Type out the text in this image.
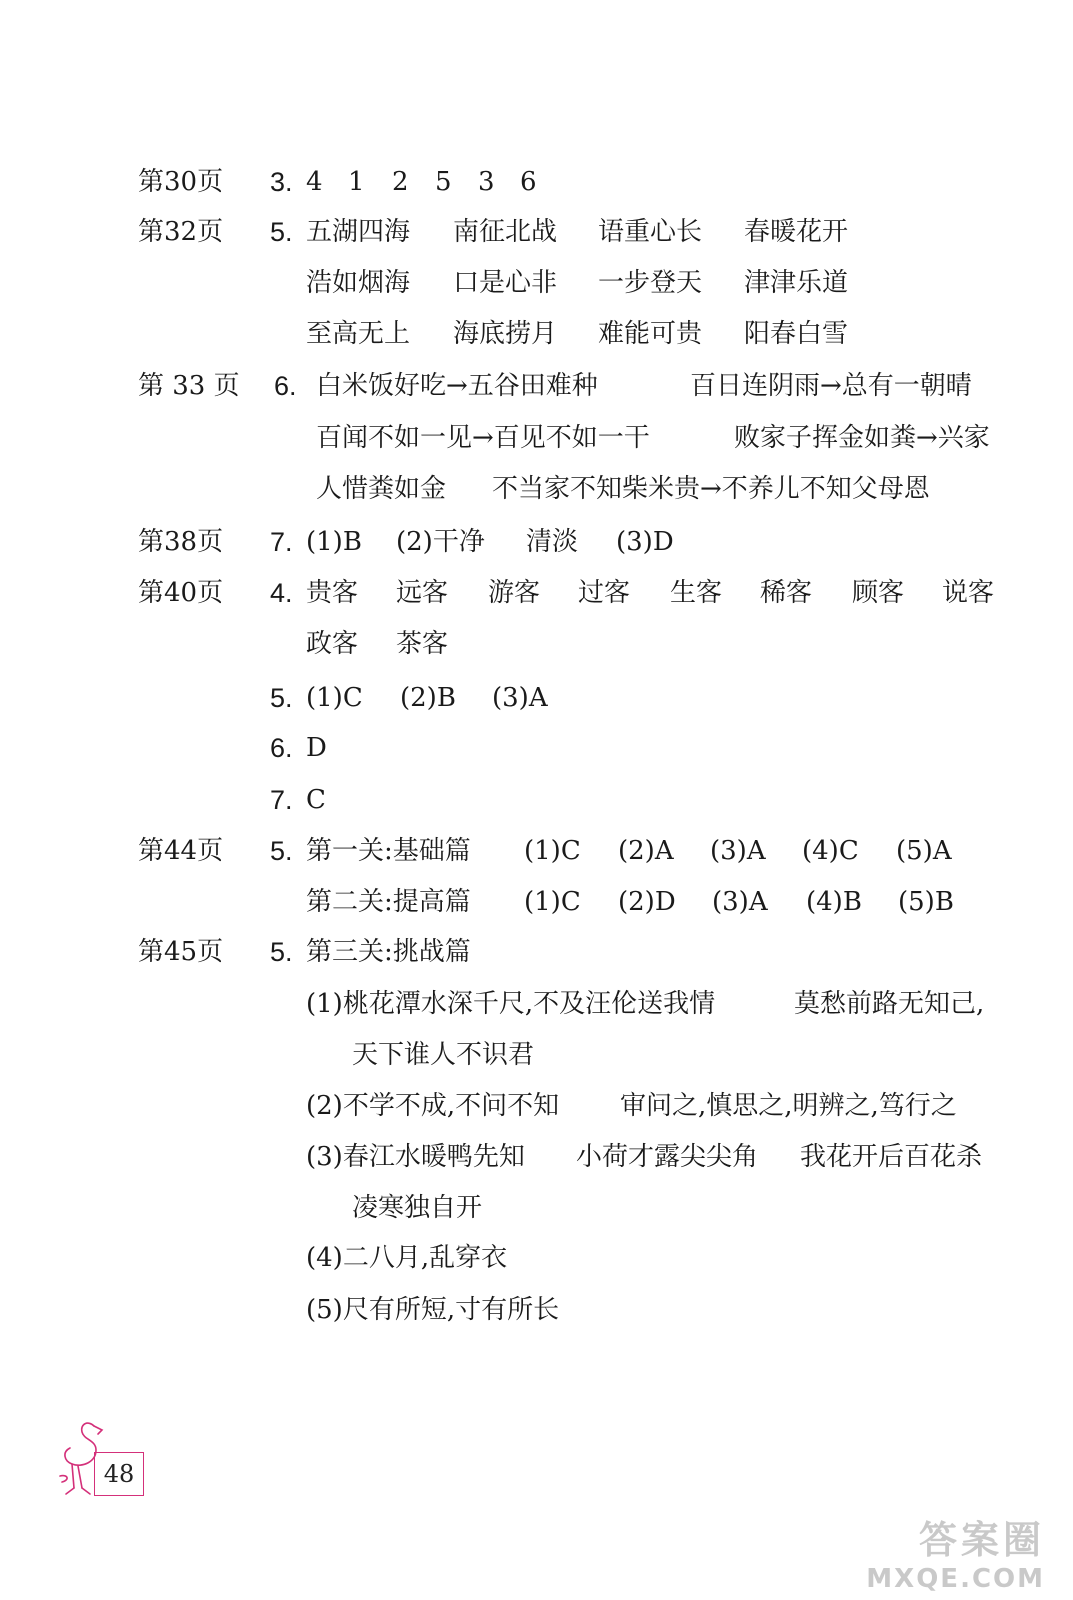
第30页	3. 4 1 2 5 3 6
第32页	5. 五湖四海 南征北战 语重心长 春暖花开
浩如烟海 口是心非 一步登天 津津乐道
至高无上 海底捞月 难能可贵 阳春白雪
第 33 页	6. 白米饭好吃→五谷田难种	百日连阴雨→总有一朝晴
百闻不如一见→百见不如一干	败家子挥金如粪→兴家
人惜粪如金 不当家不知柴米贵→不养儿不知父母恩
第38页	7. (1)B (2)干净 清淡 (3)D
第40页	4. 贵客 远客 游客 过客 生客 稀客 顾客 说客
政客 茶客
5. (1)C (2)B (3)A
6. D
7. C
第44页	5. 第一关:基础篇 (1)C (2)A (3)A (4)C (5)A
第二关:提高篇 (1)C (2)D (3)A (4)B (5)B
第45页	5. 第三关:挑战篇
(1)桃花潭水深千尺,不及汪伦送我情	莫愁前路无知己,
天下谁人不识君
(2)不学不成,不问不知 审问之,慎思之,明辨之,笃行之
(3)春江水暖鸭先知 小荷才露尖尖角 我花开后百花杀
凌寒独自开
(4)二八月,乱穿衣
(5)尺有所短,寸有所长
48
答案圈
MXQE.COM
